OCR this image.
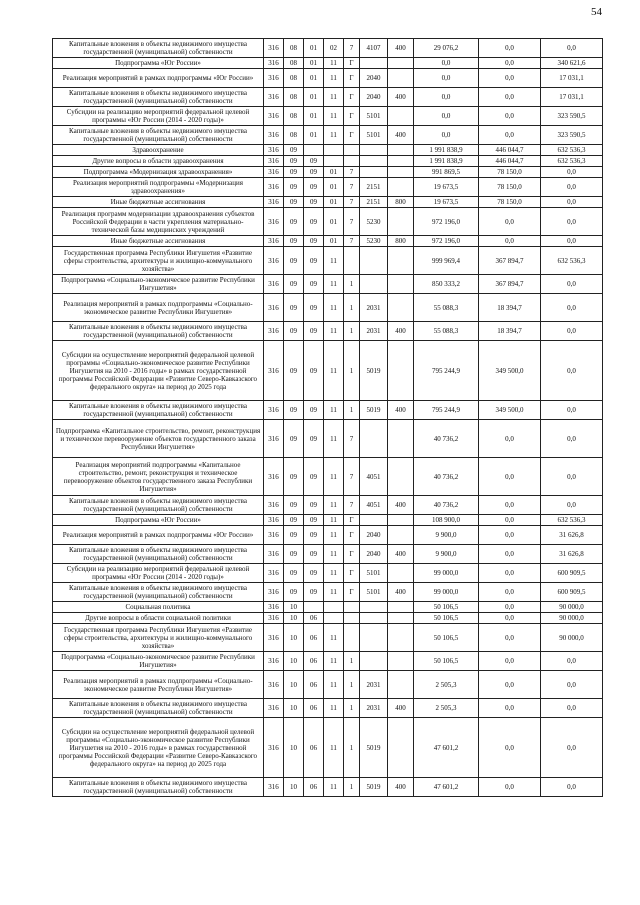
54
Капитальные вложения в объекты недвижимого имущества государственной (муниципальной) собственности	316	08	01	02	7	4107	400	29 076,2	0,0	0,0
Подпрограмма «Юг России»	316	08	01	11	Г			0,0	0,0	340 621,6
Реализация мероприятий в рамках подпрограммы «Юг России»	316	08	01	11	Г	2040		0,0	0,0	17 031,1
Капитальные вложения в объекты недвижимого имущества государственной (муниципальной) собственности	316	08	01	11	Г	2040	400	0,0	0,0	17 031,1
Субсидии на реализацию мероприятий федеральной целевой программы «Юг России (2014 - 2020 годы)»	316	08	01	11	Г	5101		0,0	0,0	323 590,5
Капитальные вложения в объекты недвижимого имущества государственной (муниципальной) собственности	316	08	01	11	Г	5101	400	0,0	0,0	323 590,5
Здравоохранение	316	09						1 991 838,9	446 044,7	632 536,3
Другие вопросы в области здравоохранения	316	09	09					1 991 838,9	446 044,7	632 536,3
Подпрограмма «Модернизация здравоохранения»	316	09	09	01	7			991 869,5	78 150,0	0,0
Реализация мероприятий подпрограммы «Модернизация здравоохранения»	316	09	09	01	7	2151		19 673,5	78 150,0	0,0
Иные бюджетные ассигнования	316	09	09	01	7	2151	800	19 673,5	78 150,0	0,0
Реализация программ модернизации здравоохранения субъектов Российской Федерации в части укрепления материально-технической базы медицинских учреждений	316	09	09	01	7	5230		972 196,0	0,0	0,0
Иные бюджетные ассигнования	316	09	09	01	7	5230	800	972 196,0	0,0	0,0
Государственная программа Республики Ингушетия «Развитие сферы строительства, архитектуры и жилищно-коммунального хозяйства»	316	09	09	11				999 969,4	367 894,7	632 536,3
Подпрограмма «Социально-экономическое развитие Республики Ингушетия»	316	09	09	11	1			850 333,2	367 894,7	0,0
Реализация мероприятий в рамках подпрограммы «Социально-экономическое развитие Республики Ингушетия»	316	09	09	11	1	2031		55 088,3	18 394,7	0,0
Капитальные вложения в объекты недвижимого имущества государственной (муниципальной) собственности	316	09	09	11	1	2031	400	55 088,3	18 394,7	0,0
Субсидии на осуществление мероприятий федеральной целевой программы «Социально-экономическое развитие Республики Ингушетия на 2010 - 2016 годы» в рамках государственной программы Российской Федерации «Развитие Северо-Кавказского федерального округа» на период до 2025 года	316	09	09	11	1	5019		795 244,9	349 500,0	0,0
Капитальные вложения в объекты недвижимого имущества государственной (муниципальной) собственности	316	09	09	11	1	5019	400	795 244,9	349 500,0	0,0
Подпрограмма «Капитальное строительство, ремонт, реконструкция и техническое перевооружение объектов государственного заказа Республики Ингушетия»	316	09	09	11	7			40 736,2	0,0	0,0
Реализация мероприятий подпрограммы «Капитальное строительство, ремонт, реконструкция и техническое перевооружение объектов государственного заказа Республики Ингушетия»	316	09	09	11	7	4051		40 736,2	0,0	0,0
Капитальные вложения в объекты недвижимого имущества государственной (муниципальной) собственности	316	09	09	11	7	4051	400	40 736,2	0,0	0,0
Подпрограмма «Юг России»	316	09	09	11	Г			108 900,0	0,0	632 536,3
Реализация мероприятий в рамках подпрограммы «Юг России»	316	09	09	11	Г	2040		9 900,0	0,0	31 626,8
Капитальные вложения в объекты недвижимого имущества государственной (муниципальной) собственности	316	09	09	11	Г	2040	400	9 900,0	0,0	31 626,8
Субсидии на реализацию мероприятий федеральной целевой программы «Юг России (2014 - 2020 годы)»	316	09	09	11	Г	5101		99 000,0	0,0	600 909,5
Капитальные вложения в объекты недвижимого имущества государственной (муниципальной) собственности	316	09	09	11	Г	5101	400	99 000,0	0,0	600 909,5
Социальная политика	316	10						50 106,5	0,0	90 000,0
Другие вопросы в области социальной политики	316	10	06					50 106,5	0,0	90 000,0
Государственная программа Республики Ингушетия «Развитие сферы строительства, архитектуры и жилищно-коммунального хозяйства»	316	10	06	11				50 106,5	0,0	90 000,0
Подпрограмма «Социально-экономическое развитие Республики Ингушетия»	316	10	06	11	1			50 106,5	0,0	0,0
Реализация мероприятий в рамках подпрограммы «Социально-экономическое развитие Республики Ингушетия»	316	10	06	11	1	2031		2 505,3	0,0	0,0
Капитальные вложения в объекты недвижимого имущества государственной (муниципальной) собственности	316	10	06	11	1	2031	400	2 505,3	0,0	0,0
Субсидии на осуществление мероприятий федеральной целевой программы «Социально-экономическое развитие Республики Ингушетия на 2010 - 2016 годы» в рамках государственной программы Российской Федерации «Развитие Северо-Кавказского федерального округа» на период до 2025 года	316	10	06	11	1	5019		47 601,2	0,0	0,0
Капитальные вложения в объекты недвижимого имущества государственной (муниципальной) собственности	316	10	06	11	1	5019	400	47 601,2	0,0	0,0
